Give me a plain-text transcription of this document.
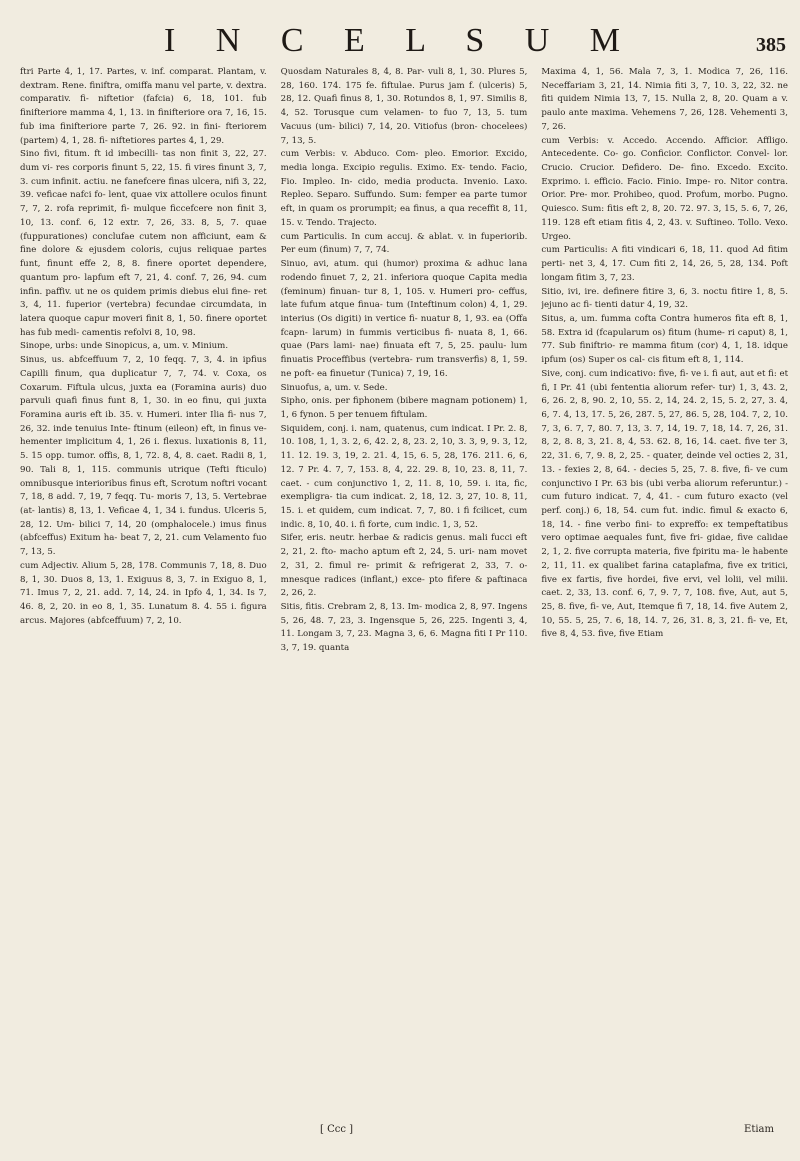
I N C E L S U M	385

ftri Parte 4, 1, 17. Partes, v. inf. comparat. Plantam, v. dextram. Rene. finiftra, omiffa manu vel parte, v. dextra. comparativ. fi- niftetior (fafcia) 6, 18, 101. fub finifteriore mamma 4, 1, 13. in finifteriore ora 7, 16, 15. fub ima finifteriore parte 7, 26. 92. in fini- fteriorem (partem) 4, 1, 28. fi- niftetiores partes 4, 1, 29.

Sino fivi, fitum. ft id imbecilli- tas non finit 3, 22, 27. dum vi- res corporis finunt 5, 22, 15. fi vires finunt 3, 7, 3. cum infinit. actiu. ne fanefcere finas ulcera, nifi 3, 22, 39. veficae nafci fo- lent, quae vix attollere oculos finunt 7, 7, 2. rofa reprimit, fi- mulque ficcefcere non finit 3, 10, 13. conf. 6, 12 extr. 7, 26, 33. 8, 5, 7. quae (fuppurationes) conclufae cutem non afficiunt, eam & fine dolore & ejusdem coloris, cujus reliquae partes funt, finunt effe 2, 8, 8. finere oportet dependere, quantum pro- lapfum eft 7, 21, 4. conf. 7, 26, 94. cum infin. paffiv. ut ne os quidem primis diebus elui fine- ret 3, 4, 11. fuperior (vertebra) fecundae circumdata, in latera quoque capur moveri finit 8, 1, 50. finere oportet has fub medi- camentis refolvi 8, 10, 98.

Sinope, urbs: unde Sinopicus, a, um. v. Minium.

Sinus, us. abfceffuum 7, 2, 10 feqq. 7, 3, 4. in ipfius Capilli finum, qua duplicatur 7, 7, 74. v. Coxa, os Coxarum. Fiftula ulcus, juxta ea (Foramina auris) duo parvuli quafi finus funt 8, 1, 30. in eo finu, qui juxta Foramina auris eft ib. 35. v. Humeri. inter Ilia fi- nus 7, 26, 32. inde tenuius Inte- ftinum (eileon) eft, in finus ve- hementer implicitum 4, 1, 26 i. flexus. luxationis 8, 11, 5. 15 opp. tumor. offis, 8, 1, 72. 8, 4, 8. caet. Radii 8, 1, 90. Tali 8, 1, 115. communis utrique (Tefti fticulo) omnibusque interioribus finus eft, Scrotum noftri vocant 7, 18, 8 add. 7, 19, 7 feqq. Tu- moris 7, 13, 5. Vertebrae (at- lantis) 8, 13, 1. Veficae 4, 1, 34 i. fundus. Ulceris 5, 28, 12. Um- bilici 7, 14, 20 (omphalocele.) imus finus (abfceffus) Exitum ha- beat 7, 2, 21. cum Velamento fuo 7, 13, 5.

cum Adjectiv. Alium 5, 28, 178. Communis 7, 18, 8. Duo 8, 1, 30. Duos 8, 13, 1. Exiguus 8, 3, 7. in Exiguo 8, 1, 71. Imus 7, 2, 21. add. 7, 14, 24. in Ipfo 4, 1, 34. Is 7, 46. 8, 2, 20. in eo 8, 1, 35. Lunatum 8. 4. 55 i. figura arcus. Majores (abfceffuum) 7, 2, 10.

Quosdam Naturales 8, 4, 8. Par- vuli 8, 1, 30. Plures 5, 28, 160. 174. 175 fe. fiftulae. Purus jam f. (ulceris) 5, 28, 12. Quafi finus 8, 1, 30. Rotundos 8, 1, 97. Similis 8, 4, 52. Torusque cum velamen- to fuo 7, 13, 5. tum Vacuus (um- bilici) 7, 14, 20. Vitiofus (bron- chocelees) 7, 13, 5.

cum Verbis: v. Abduco. Com- pleo. Emorior. Excido, media longa. Excipio regulis. Eximo. Ex- tendo. Facio, Fio. Impleo. In- cido, media producta. Invenio. Laxo. Repleo. Separo. Suffundo. Sum: femper ea parte tumor eft, in quam os prorumpit; ea finus, a qua receffit 8, 11, 15. v. Tendo. Trajecto.

cum Particulis. In cum accuj. & ablat. v. in fuperiorib. Per eum (finum) 7, 7, 74.

Sinuo, avi, atum. qui (humor) proxima & adhuc lana rodendo finuet 7, 2, 21. inferiora quoque Capita media (feminum) finuan- tur 8, 1, 105. v. Humeri pro- ceffus, late fufum atque finua- tum (Inteftinum colon) 4, 1, 29. interius (Os digiti) in vertice fi- nuatur 8, 1, 93. ea (Offa fcapn- larum) in fummis verticibus fi- nuata 8, 1, 66. quae (Pars lami- nae) finuata eft 7, 5, 25. paulu- lum finuatis Proceffibus (vertebra- rum transverfis) 8, 1, 59. ne poft- ea finuetur (Tunica) 7, 19, 16.

Sinuofus, a, um. v. Sede.

Sipho, onis. per fiphonem (bibere magnam potionem) 1, 1, 6 fynon. 5 per tenuem fiftulam.

Siquidem, conj. i. nam, quatenus, cum indicat. I Pr. 2. 8, 10. 108, 1, 1, 3. 2, 6, 42. 2, 8, 23. 2, 10, 3. 3, 9, 9. 3, 12, 11. 12. 19. 3, 19, 2. 21. 4, 15, 6. 5, 28, 176. 211. 6, 6, 12. 7 Pr. 4. 7, 7, 153. 8, 4, 22. 29. 8, 10, 23. 8, 11, 7. caet. - cum conjunctivo 1, 2, 11. 8, 10, 59. i. ita, fic, exempligra- tia cum indicat. 2, 18, 12. 3, 27, 10. 8, 11, 15. i. et quidem, cum indicat. 7, 7, 80. i fi fcilicet, cum indic. 8, 10, 40. i. fi forte, cum indic. 1, 3, 52.

Sifer, eris. neutr. herbae & radicis genus. mali fucci eft 2, 21, 2. fto- macho aptum eft 2, 24, 5. uri- nam movet 2, 31, 2. fimul re- primit & refrigerat 2, 33, 7. o- mnesque radices (inflant,) exce- pto fifere & paftinaca 2, 26, 2.

Sitis, fitis. Crebram 2, 8, 13. Im- modica 2, 8, 97. Ingens 5, 26, 48. 7, 23, 3. Ingensque 5, 26, 225. Ingenti 3, 4, 11. Longam 3, 7, 23. Magna 3, 6, 6. Magna fiti I Pr 110. 3, 7, 19. quanta

Maxima 4, 1, 56. Mala 7, 3, 1. Modica 7, 26, 116. Neceffariam 3, 21, 14. Nimia fiti 3, 7, 10. 3, 22, 32. ne fiti quidem Nimia 13, 7, 15. Nulla 2, 8, 20. Quam a v. paulo ante maxima. Vehemens 7, 26, 128. Vehementi 3, 7, 26.

cum Verbis: v. Accedo. Accendo. Afficior. Affligo. Antecedente. Co- go. Conficior. Conflictor. Convel- lor. Crucio. Crucior. Defidero. De- fino. Excedo. Excito. Exprimo. i. efficio. Facio. Finio. Impe- ro. Nitor contra. Orior. Pre- mor. Prohibeo, quod. Profum, morbo. Pugno. Quiesco. Sum: fitis eft 2, 8, 20. 72. 97. 3, 15, 5. 6, 7, 26, 119. 128 eft etiam fitis 4, 2, 43. v. Suftineo. Tollo. Vexo. Urgeo.

cum Particulis: A fiti vindicari 6, 18, 11. quod Ad fitim perti- net 3, 4, 17. Cum fiti 2, 14, 26, 5, 28, 134. Poft longam fitim 3, 7, 23.

Sitio, ivi, ire. definere fitire 3, 6, 3. noctu fitire 1, 8, 5. jejuno ac fi- tienti datur 4, 19, 32.

Situs, a, um. fumma cofta Contra humeros fita eft 8, 1, 58. Extra id (fcapularum os) fitum (hume- ri caput) 8, 1, 77. Sub finiftrio- re mamma fitum (cor) 4, 1, 18. idque ipfum (os) Super os cal- cis fitum eft 8, 1, 114.

Sive, conj. cum indicativo: five, fi- ve i. fi aut, aut et fi: et fi, I Pr. 41 (ubi fententia aliorum refer- tur) 1, 3, 43. 2, 6, 26. 2, 8, 90. 2, 10, 55. 2, 14, 24. 2, 15, 5. 2, 27, 3. 4, 6, 7. 4, 13, 17. 5, 26, 287. 5, 27, 86. 5, 28, 104. 7, 2, 10. 7, 3, 6. 7, 7, 80. 7, 13, 3. 7, 14, 19. 7, 18, 14. 7, 26, 31. 8, 2, 8. 8, 3, 21. 8, 4, 53. 62. 8, 16, 14. caet. five ter 3, 22, 31. 6, 7, 9. 8, 2, 25. - quater, deinde vel octies 2, 31, 13. - fexies 2, 8, 64. - decies 5, 25, 7. 8. five, fi- ve cum conjunctivo I Pr. 63 bis (ubi verba aliorum referuntur.) - cum futuro indicat. 7, 4, 41. - cum futuro exacto (vel perf. conj.) 6, 18, 54. cum fut. indic. fimul & exacto 6, 18, 14. - fine verbo fini- to expreffo: ex tempeftatibus vero optimae aequales funt, five fri- gidae, five calidae 2, 1, 2. five corrupta materia, five fpiritu ma- le habente 2, 11, 11. ex qualibet farina cataplafma, five ex tritici, five ex fartis, five hordei, five ervi, vel lolii, vel milii. caet. 2, 33, 13. conf. 6, 7, 9. 7, 7, 108. five, Aut, aut 5, 25, 8. five, fi- ve, Aut, Itemque fi 7, 18, 14. five Autem 2, 10, 55. 5, 25, 7. 6, 18, 14. 7, 26, 31. 8, 3, 21. fi- ve, Et, five 8, 4, 53. five, five Etiam

[ Ccc ]	Etiam
